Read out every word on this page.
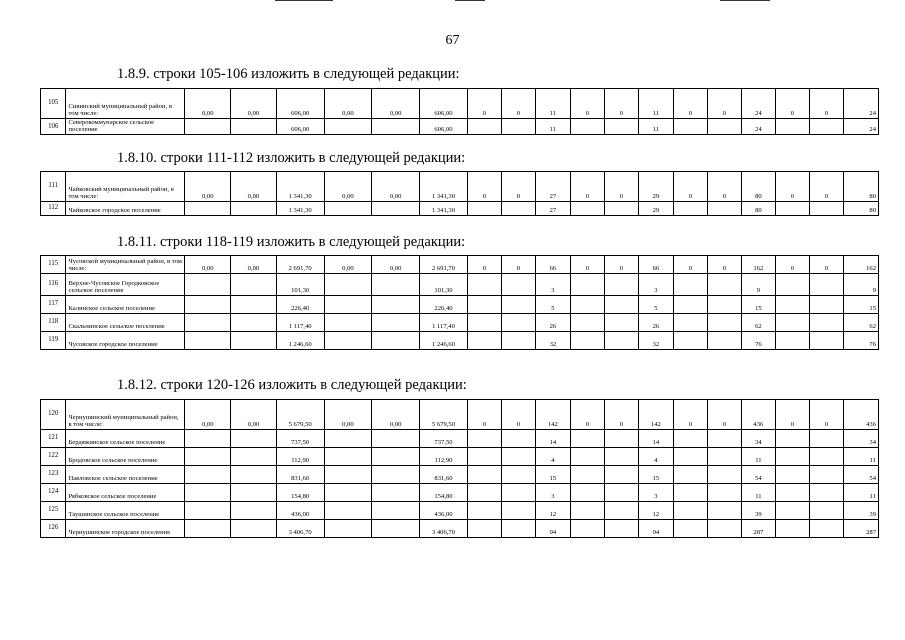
67
1.8.9. строки 105-106 изложить в следующей редакции:
105	Сивинский муниципальный район, в том числе:	0,00	0,00	606,00	0,00	0,00	606,00	0	0	11	0	0	11	0	0	24	0	0	24
106	Северокоммунарское сельское поселение			606,00			606,00			11			11			24			24
1.8.10. строки 111-112 изложить в следующей редакции:
111	Чайковский муниципальный район, в том числе:	0,00	0,00	1 341,30	0,00	0,00	1 341,30	0	0	27	0	0	29	0	0	80	0	0	80
112	Чайковское городское поселение			1 341,30			1 341,30			27			29			80			80
1.8.11. строки 118-119 изложить в следующей редакции:
115	Чусовской муниципальный район, в том числе:	0,00	0,00	2 691,70	0,00	0,00	2 691,70	0	0	66	0	0	66	0	0	162	0	0	162
116	Верхне-Чусовское Городковское сельское поселение			101,30			101,30			3			3			9			9
117	Калинское сельское поселение			226,40			226,40			5			5			15			15
118	Скальнинское сельское поселение			1 117,40			1 117,40			26			26			62			62
119	Чусовское городское поселение			1 246,60			1 246,60			32			32			76			76
1.8.12. строки 120-126 изложить в следующей редакции:
120	Чернушинский муниципальный район, в том числе:	0,00	0,00	5 679,50	0,00	0,00	5 679,50	0	0	142	0	0	142	0	0	436	0	0	436
121	Бердяжинское сельское поселение			737,50			737,50			14			14			34			34
122	Бродовское сельское поселение			112,90			112,90			4			4			11			11
123	Павловское сельское поселение			831,60			831,60			15			15			54			54
124	Рябковское сельское поселение			154,80			154,80			3			3			11			11
125	Таушинское сельское поселение			436,00			436,00			12			12			39			39
126	Чернушинское городское поселение			3 406,70			3 406,70			94			94			287			287
